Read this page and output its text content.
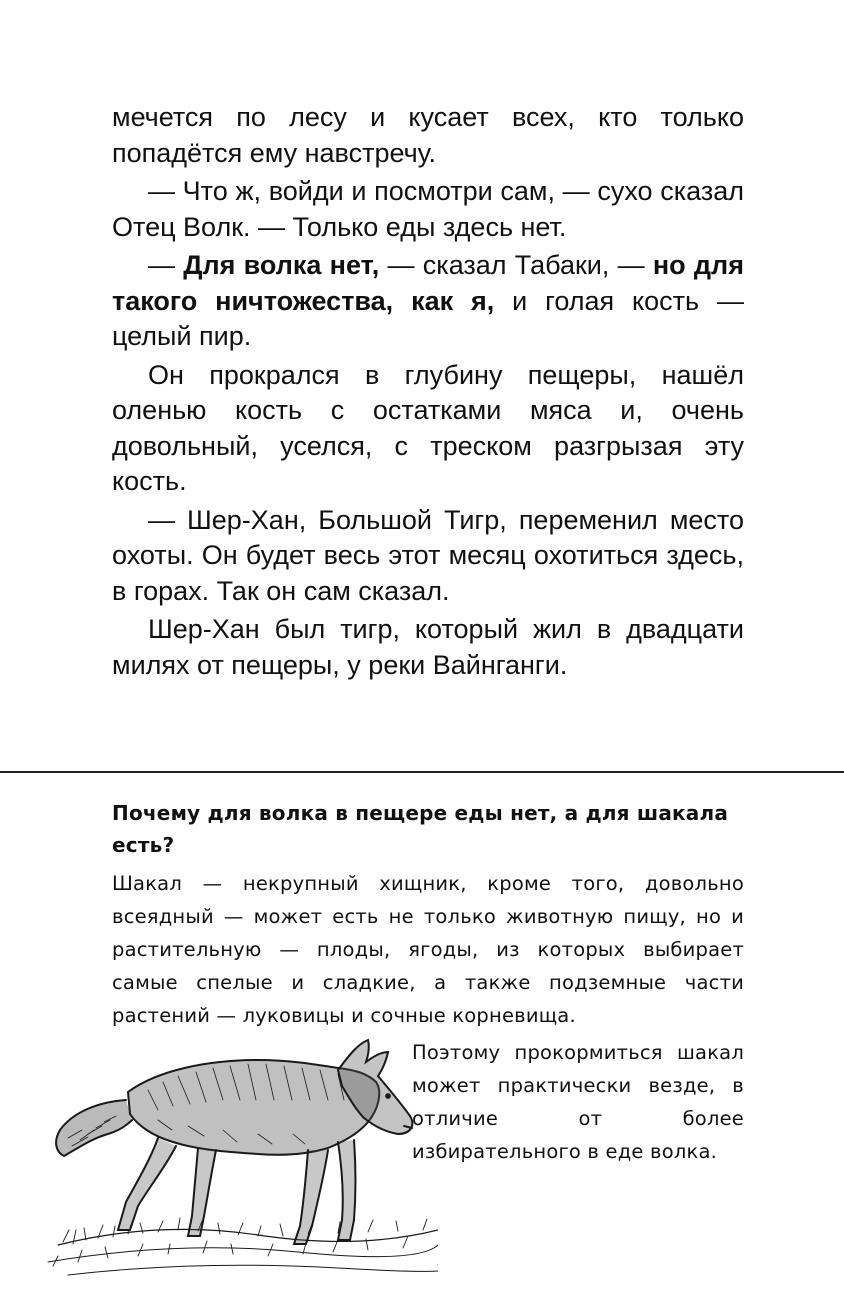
мечется по лесу и кусает всех, кто только попадётся ему навстречу.

— Что ж, войди и посмотри сам, — сухо сказал Отец Волк. — Только еды здесь нет.

— Для волка нет, — сказал Табаки, — но для такого ничтожества, как я, и голая кость — целый пир.

Он прокрался в глубину пещеры, нашёл оленью кость с остатками мяса и, очень довольный, уселся, с треском разгрызая эту кость.

— Шер-Хан, Большой Тигр, переменил место охоты. Он будет весь этот месяц охотиться здесь, в горах. Так он сам сказал.

Шер-Хан был тигр, который жил в двадцати милях от пещеры, у реки Вайнганги.

Почему для волка в пещере еды нет, а для шакала есть?

Шакал — некрупный хищник, кроме того, довольно всеядный — может есть не только животную пищу, но и растительную — плоды, ягоды, из которых выбирает самые спелые и сладкие, а также подземные части растений — луковицы и сочные корневища.

Поэтому прокормиться шакал может практически везде, в отличие от более избирательного в еде волка.
